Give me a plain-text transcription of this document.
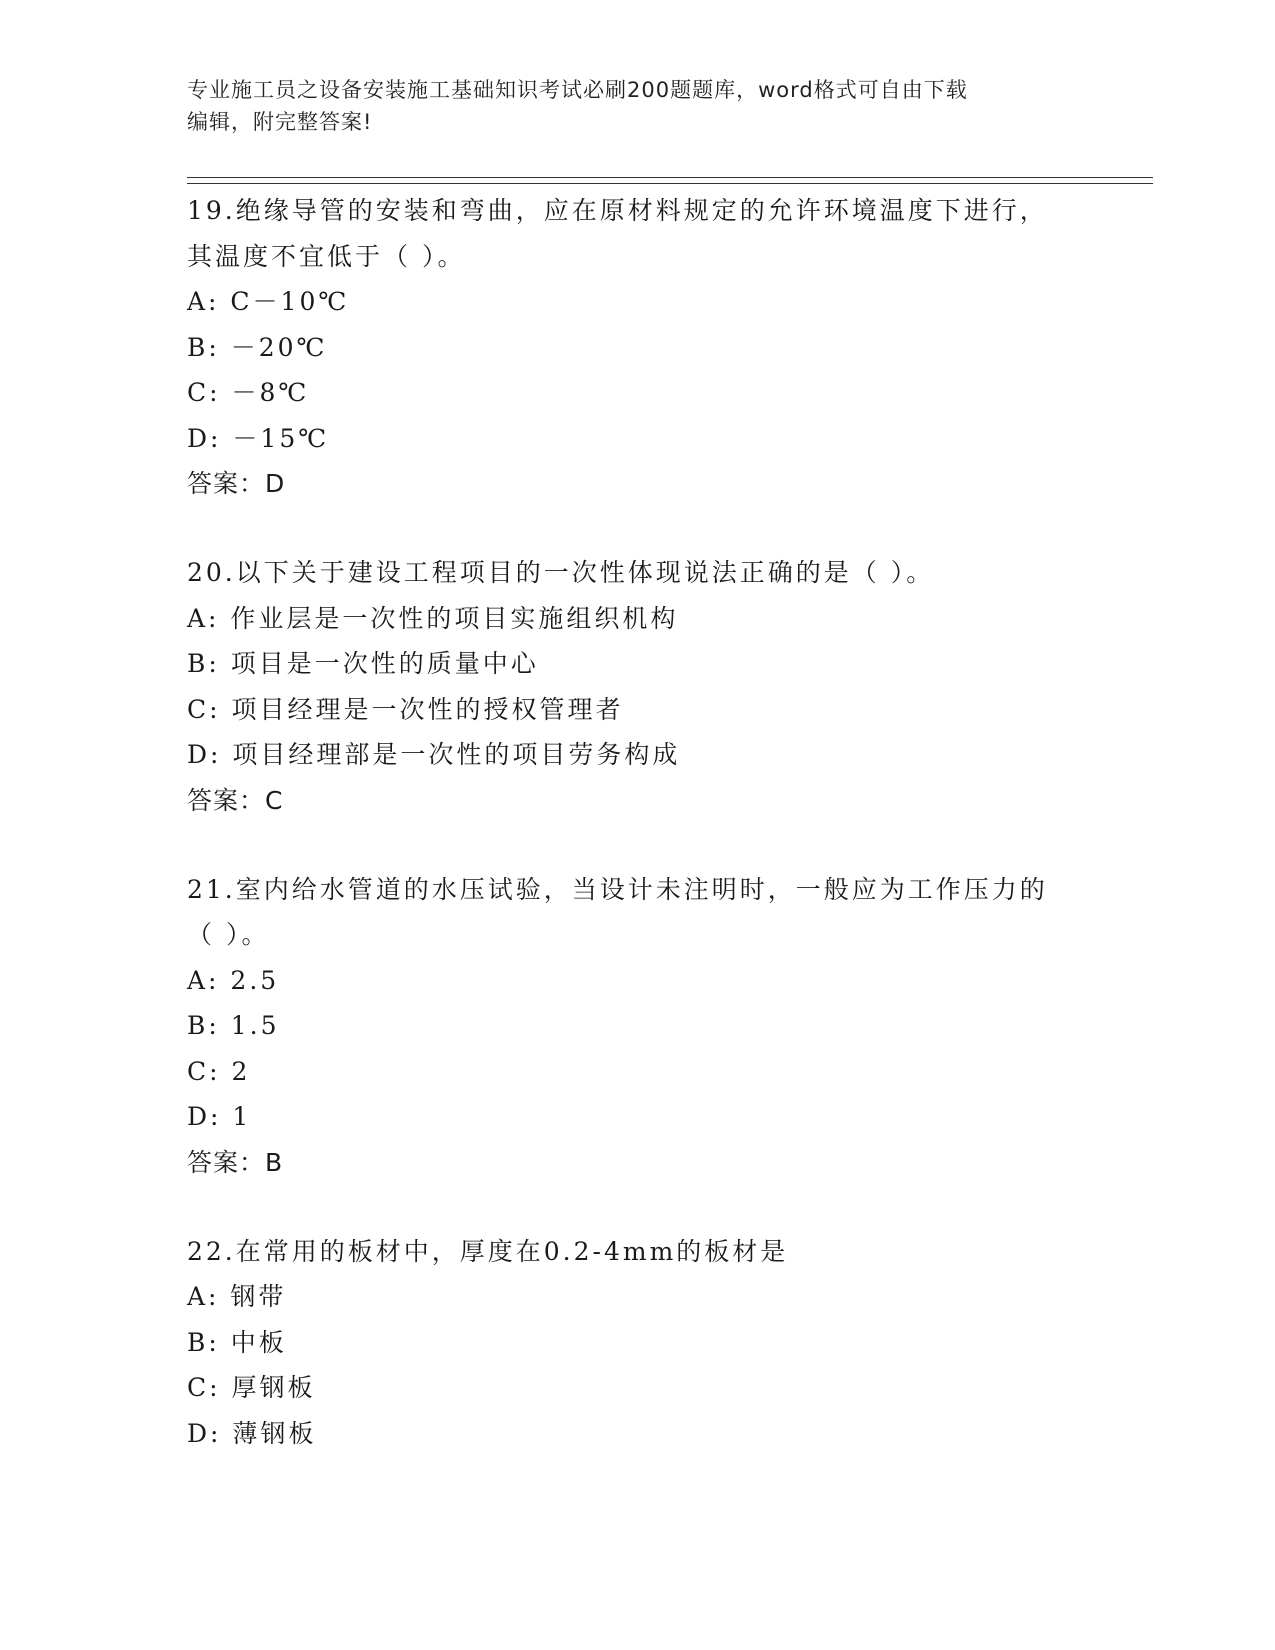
专业施工员之设备安装施工基础知识考试必刷200题题库，word格式可自由下载
编辑，附完整答案!
19.绝缘导管的安装和弯曲，应在原材料规定的允许环境温度下进行，
其温度不宜低于（ ）。
A: C－10℃
B: －20℃
C: －8℃
D: －15℃
答案：D
20.以下关于建设工程项目的一次性体现说法正确的是（ ）。
A: 作业层是一次性的项目实施组织机构
B: 项目是一次性的质量中心
C: 项目经理是一次性的授权管理者
D: 项目经理部是一次性的项目劳务构成
答案：C
21.室内给水管道的水压试验，当设计未注明时，一般应为工作压力的
（ ）。
A: 2.5
B: 1.5
C: 2
D: 1
答案：B
22.在常用的板材中，厚度在0.2-4mm的板材是
A: 钢带
B: 中板
C: 厚钢板
D: 薄钢板
